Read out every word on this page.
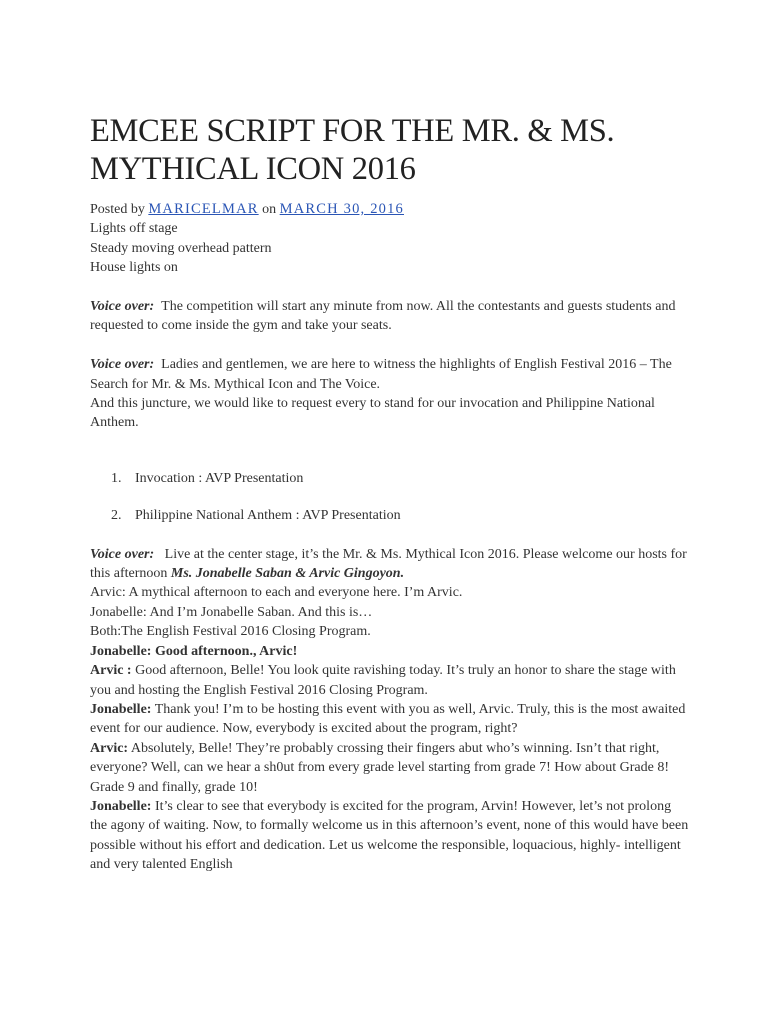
EMCEE SCRIPT FOR THE MR. & MS. MYTHICAL ICON 2016

Posted by MARICELMAR on MARCH 30, 2016

Lights off stage

Steady moving overhead pattern

House lights on

Voice over: The competition will start any minute from now. All the contestants and guests students and requested to come inside the gym and take your seats.

Voice over: Ladies and gentlemen, we are here to witness the highlights of English Festival 2016 – The Search for Mr. & Ms. Mythical Icon and The Voice.

And this juncture, we would like to request every to stand for our invocation and Philippine National Anthem.

1. Invocation : AVP Presentation
2. Philippine National Anthem : AVP Presentation

Voice over: Live at the center stage, it’s the Mr. & Ms. Mythical Icon 2016. Please welcome our hosts for this afternoon Ms. Jonabelle Saban & Arvic Gingoyon.

Arvic: A mythical afternoon to each and everyone here. I’m Arvic.

Jonabelle: And I’m Jonabelle Saban. And this is…

Both:The English Festival 2016 Closing Program.

Jonabelle: Good afternoon., Arvic!

Arvic : Good afternoon, Belle! You look quite ravishing today. It’s truly an honor to share the stage with you and hosting the English Festival 2016 Closing Program.

Jonabelle: Thank you! I’m to be hosting this event with you as well, Arvic. Truly, this is the most awaited event for our audience. Now, everybody is excited about the program, right?

Arvic: Absolutely, Belle! They’re probably crossing their fingers abut who’s winning. Isn’t that right, everyone? Well, can we hear a sh0ut from every grade level starting from grade 7! How about Grade 8! Grade 9 and finally, grade 10!

Jonabelle: It’s clear to see that everybody is excited for the program, Arvin! However, let’s not prolong the agony of waiting. Now, to formally welcome us in this afternoon’s event, none of this would have been possible without his effort and dedication. Let us welcome the responsible, loquacious, highly- intelligent and very talented English
